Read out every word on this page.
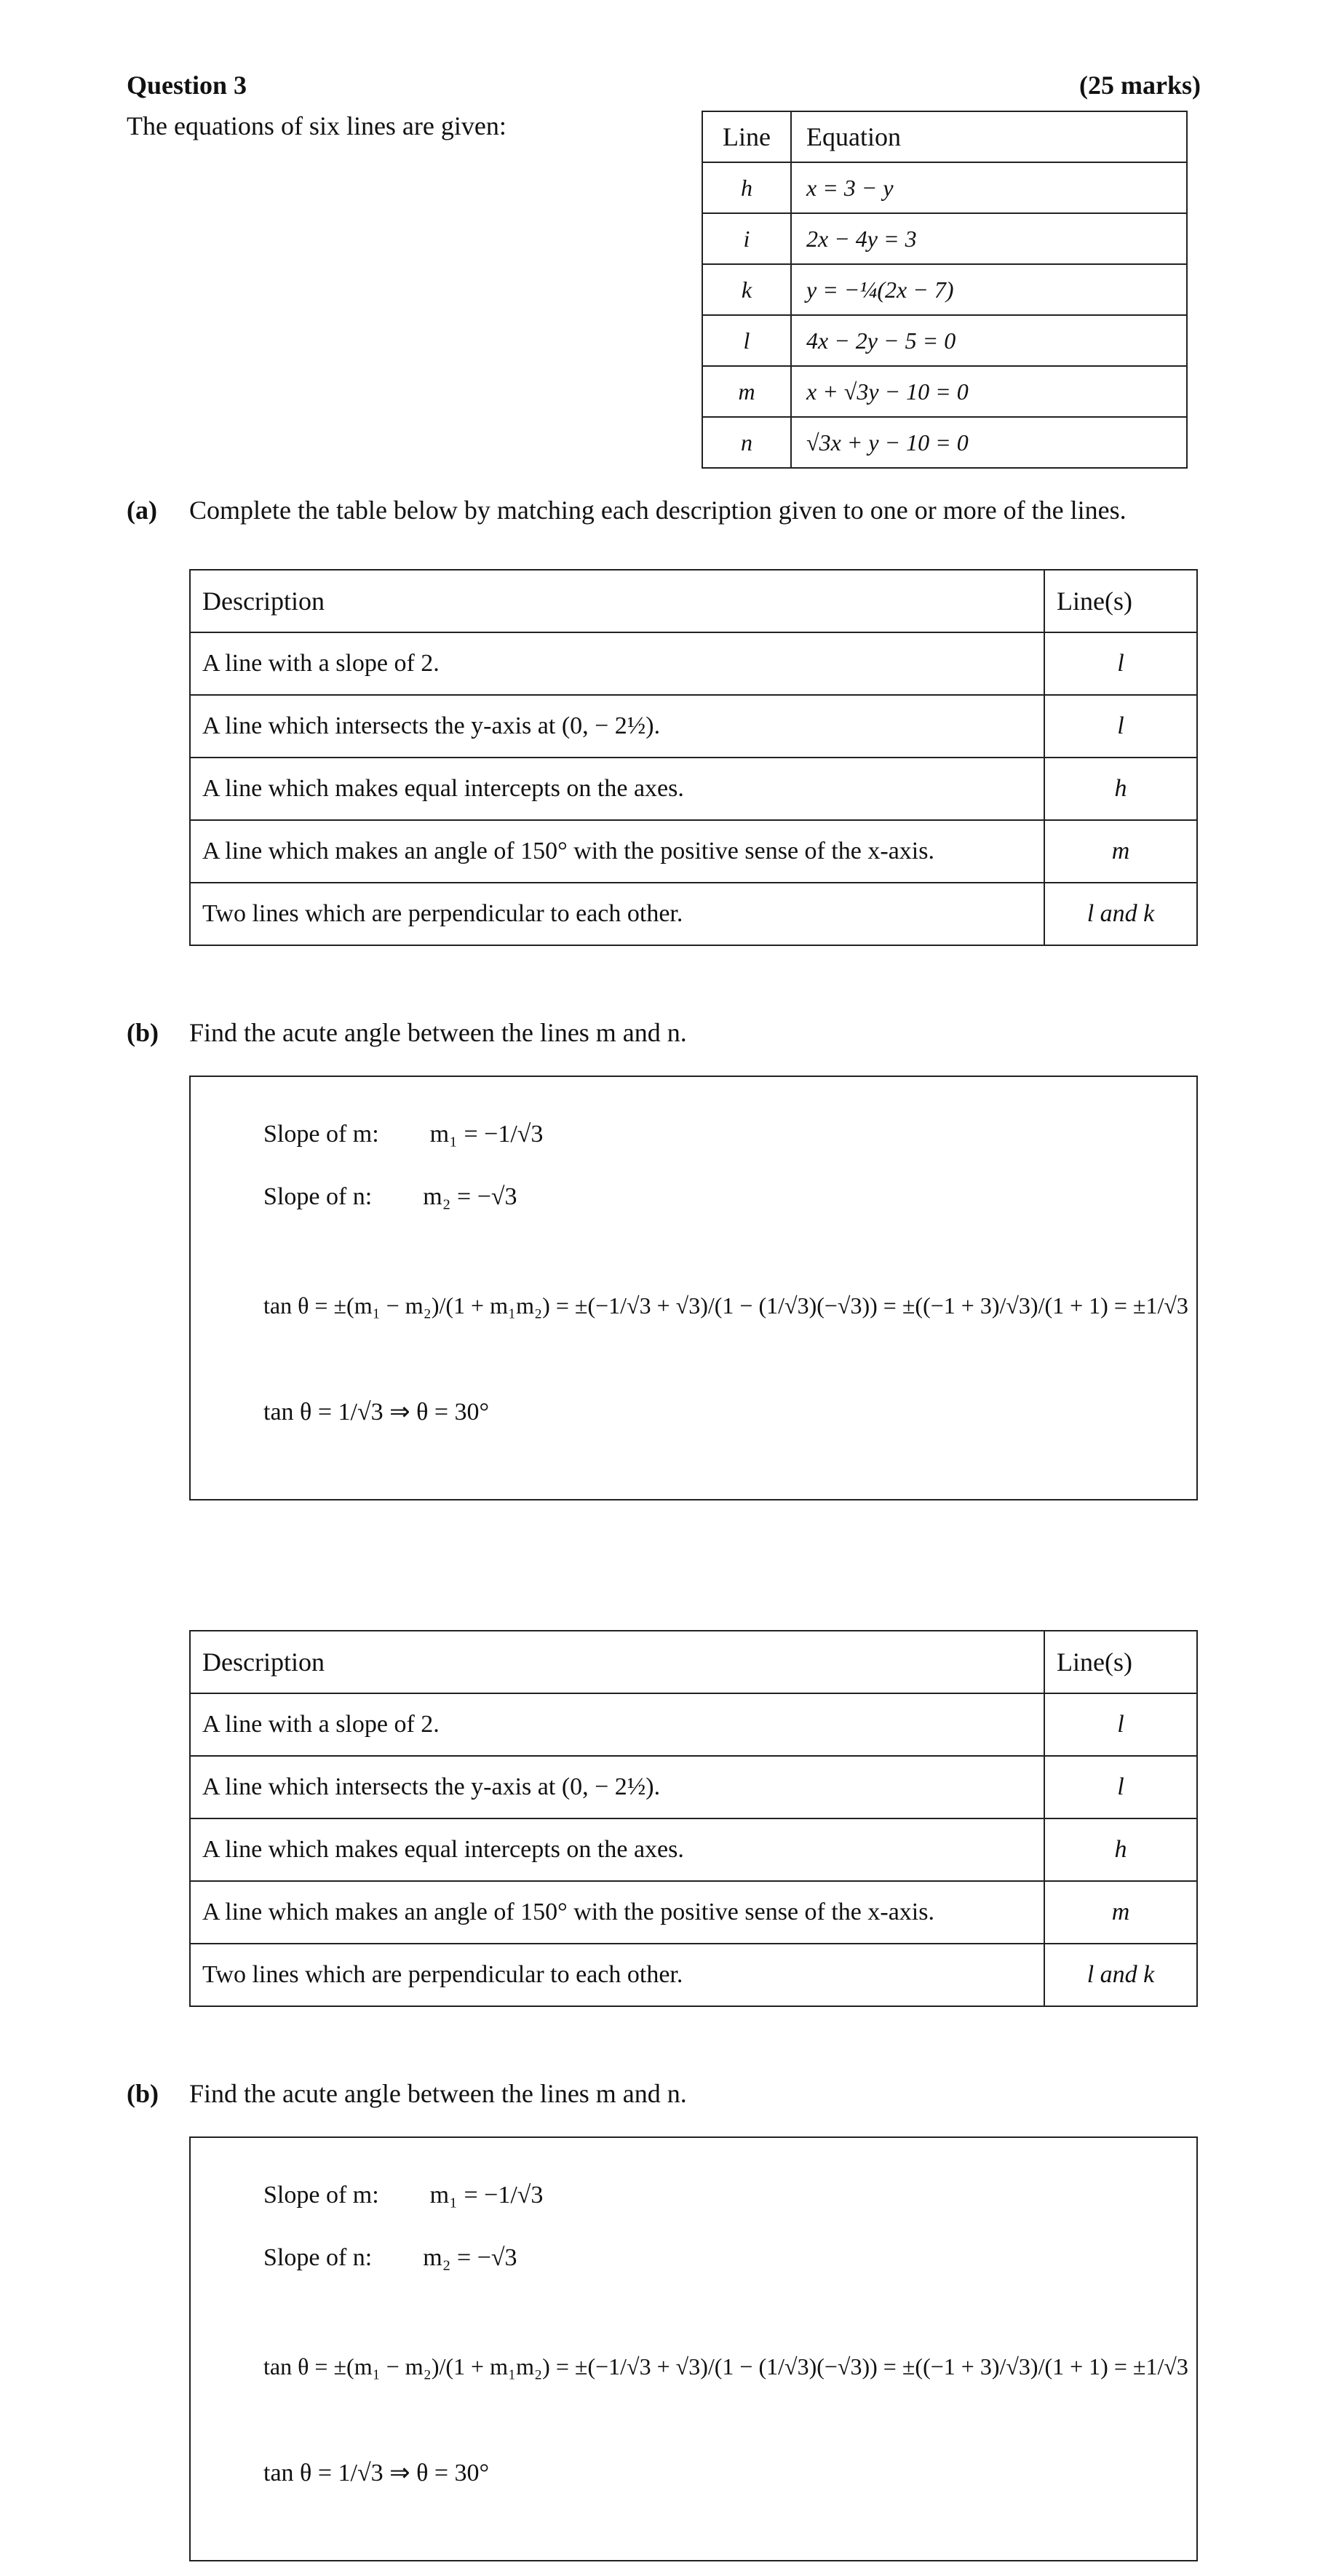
Question 3	(25 marks)
The equations of six lines are given:	Line	Equation
h	x = 3 − y
i	2x − 4y = 3
k	y = −¼(2x − 7)
l	4x − 2y − 5 = 0
m	x + √3y − 10 = 0
n	√3x + y − 10 = 0
(a) Complete the table below by matching each description given to one or more of the lines.
Description	Line(s)
A line with a slope of 2.	l
A line which intersects the y-axis at (0, − 2½).	l
A line which makes equal intercepts on the axes.	h
A line which makes an angle of 150° with the positive sense of the x-axis.	m
Two lines which are perpendicular to each other.	l and k
(b) Find the acute angle between the lines m and n.
Slope of m: m₁ = −1/√3
Slope of n: m₂ = −√3
tan θ = ±(m₁ − m₂)/(1 + m₁m₂) = ±(−1/√3 + √3)/(1 − (1/√3)(−√3)) = ±((−1 + 3)/√3)/(1 + 1) = ±1/√3
tan θ = 1/√3 ⇒ θ = 30°
Description	Line(s)
A line with a slope of 2.	l
A line which intersects the y-axis at (0, − 2½).	l
A line which makes equal intercepts on the axes.	h
A line which makes an angle of 150° with the positive sense of the x-axis.	m
Two lines which are perpendicular to each other.	l and k
(b) Find the acute angle between the lines m and n.
Slope of m: m₁ = −1/√3
Slope of n: m₂ = −√3
tan θ = ±(m₁ − m₂)/(1 + m₁m₂) = ±(−1/√3 + √3)/(1 − (1/√3)(−√3)) = ±((−1 + 3)/√3)/(1 + 1) = ±1/√3
tan θ = 1/√3 ⇒ θ = 30°
